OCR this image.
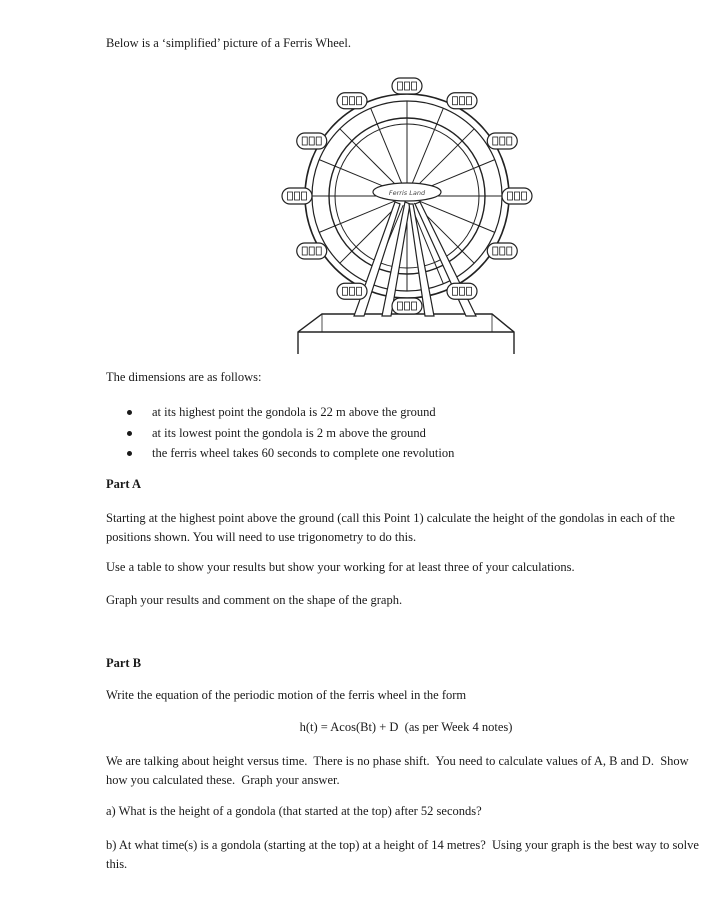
Below is a ‘simplified’ picture of a Ferris Wheel.
Ferris Land
The dimensions are as follows:
at its highest point the gondola is 22 m above the ground
at its lowest point the gondola is 2 m above the ground
the ferris wheel takes 60 seconds to complete one revolution
Part A
Starting at the highest point above the ground (call this Point 1) calculate the height of the gondolas in each of the positions shown. You will need to use trigonometry to do this.
Use a table to show your results but show your working for at least three of your calculations.
Graph your results and comment on the shape of the graph.
Part B
Write the equation of the periodic motion of the ferris wheel in the form
h(t) = Acos(Bt) + D  (as per Week 4 notes)
We are talking about height versus time.  There is no phase shift.  You need to calculate values of A, B and D.  Show how you calculated these.  Graph your answer.
a) What is the height of a gondola (that started at the top) after 52 seconds?
b) At what time(s) is a gondola (starting at the top) at a height of 14 metres?  Using your graph is the best way to solve this.
